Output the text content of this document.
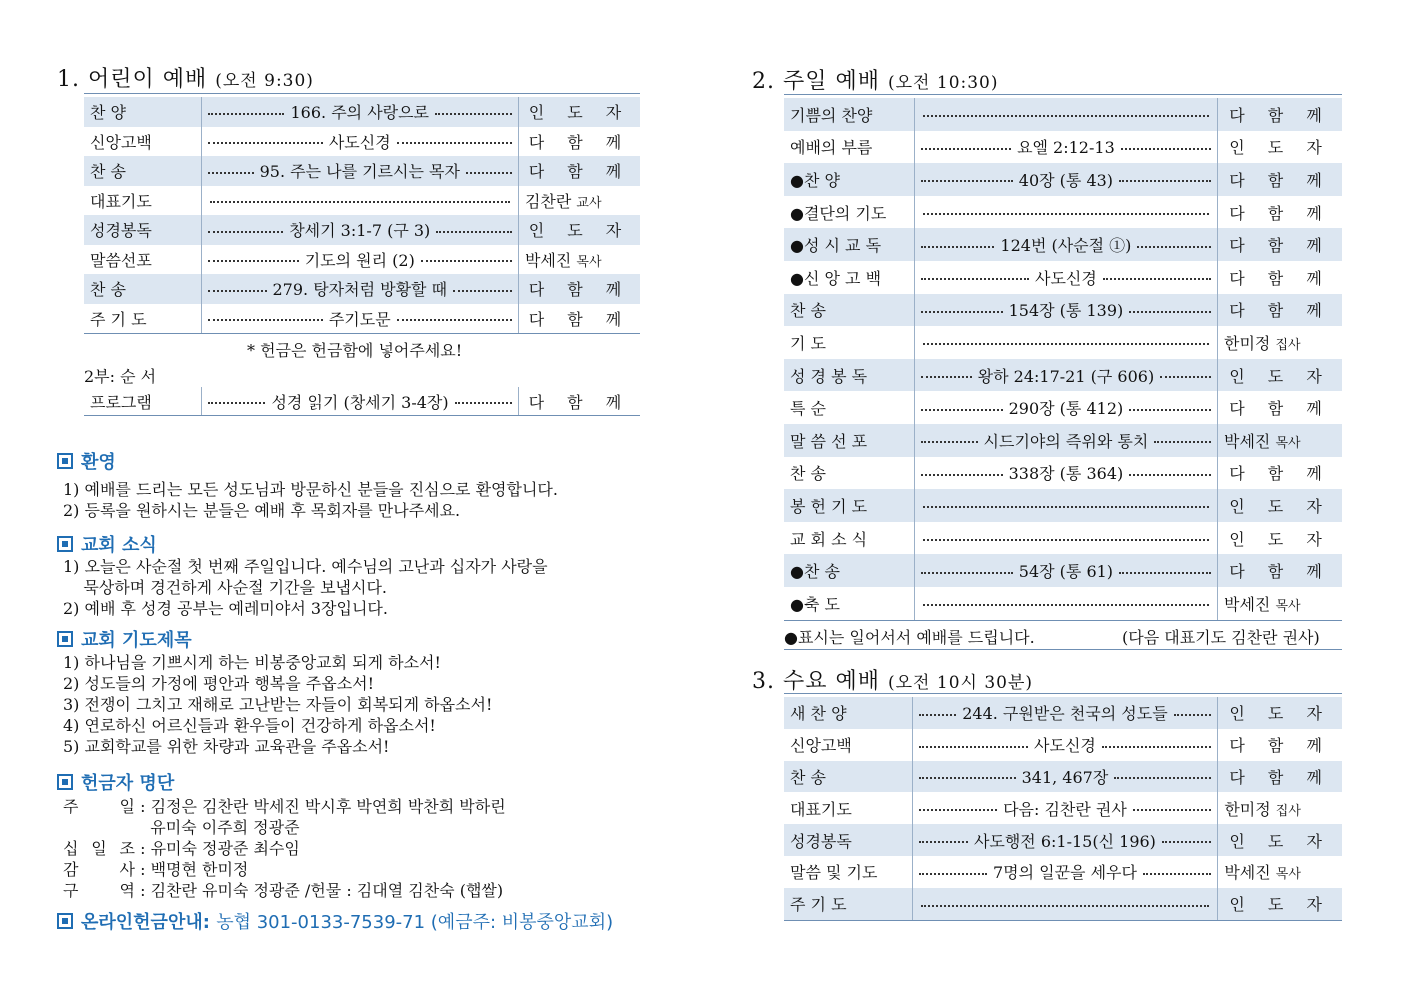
1. 어린이 예배 (오전 9:30)
찬 양	166. 주의 사랑으로	인 도 자
신앙고백	사도신경	다 함 께
찬 송	95. 주는 나를 기르시는 목자	다 함 께
대표기도		김찬란 교사
성경봉독	창세기 3:1-7 (구 3)	인 도 자
말씀선포	기도의 원리 (2)	박세진 목사
찬 송	279. 탕자처럼 방황할 때	다 함 께
주 기 도	주기도문	다 함 께
* 헌금은 헌금함에 넣어주세요!
2부: 순 서
프로그램	성경 읽기 (창세기 3-4장)	다 함 께
환영
1) 예배를 드리는 모든 성도님과 방문하신 분들을 진심으로 환영합니다.
2) 등록을 원하시는 분들은 예배 후 목회자를 만나주세요.
교회 소식
1) 오늘은 사순절 첫 번째 주일입니다. 예수님의 고난과 십자가 사랑을
묵상하며 경건하게 사순절 기간을 보냅시다.
2) 예배 후 성경 공부는 예레미야서 3장입니다.
교회 기도제목
1) 하나님을 기쁘시게 하는 비봉중앙교회 되게 하소서!
2) 성도들의 가정에 평안과 행복을 주옵소서!
3) 전쟁이 그치고 재해로 고난받는 자들이 회복되게 하옵소서!
4) 연로하신 어르신들과 환우들이 건강하게 하옵소서!
5) 교회학교를 위한 차량과 교육관을 주옵소서!
헌금자 명단
주 일 : 김정은 김찬란 박세진 박시후 박연희 박찬희 박하린

유미숙 이주희 정광준
십 일 조 : 유미숙 정광준 최수임
감 사 : 백명현 한미정
구 역 : 김찬란 유미숙 정광준 /헌물 : 김대열 김찬숙 (햅쌀)
온라인헌금안내: 농협 301-0133-7539-71 (예금주: 비봉중앙교회)
2. 주일 예배 (오전 10:30)
기쁨의 찬양		다 함 께
예배의 부름	요엘 2:12-13	인 도 자
●찬 양	40장 (통 43)	다 함 께
●결단의 기도		다 함 께
●성 시 교 독	124번 (사순절 ①)	다 함 께
●신 앙 고 백	사도신경	다 함 께
찬 송	154장 (통 139)	다 함 께
기 도		한미정 집사
성 경 봉 독	왕하 24:17-21 (구 606)	인 도 자
특 순	290장 (통 412)	다 함 께
말 씀 선 포	시드기야의 즉위와 통치	박세진 목사
찬 송	338장 (통 364)	다 함 께
봉 헌 기 도		인 도 자
교 회 소 식		인 도 자
●찬 송	54장 (통 61)	다 함 께
●축 도		박세진 목사
●표시는 일어서서 예배를 드립니다.	(다음 대표기도 김찬란 권사)
3. 수요 예배 (오전 10시 30분)
새 찬 양	244. 구원받은 천국의 성도들	인 도 자
신앙고백	사도신경	다 함 께
찬 송	341, 467장	다 함 께
대표기도	다음: 김찬란 권사	한미정 집사
성경봉독	사도행전 6:1-15(신 196)	인 도 자
말씀 및 기도	7명의 일꾼을 세우다	박세진 목사
주 기 도		인 도 자
